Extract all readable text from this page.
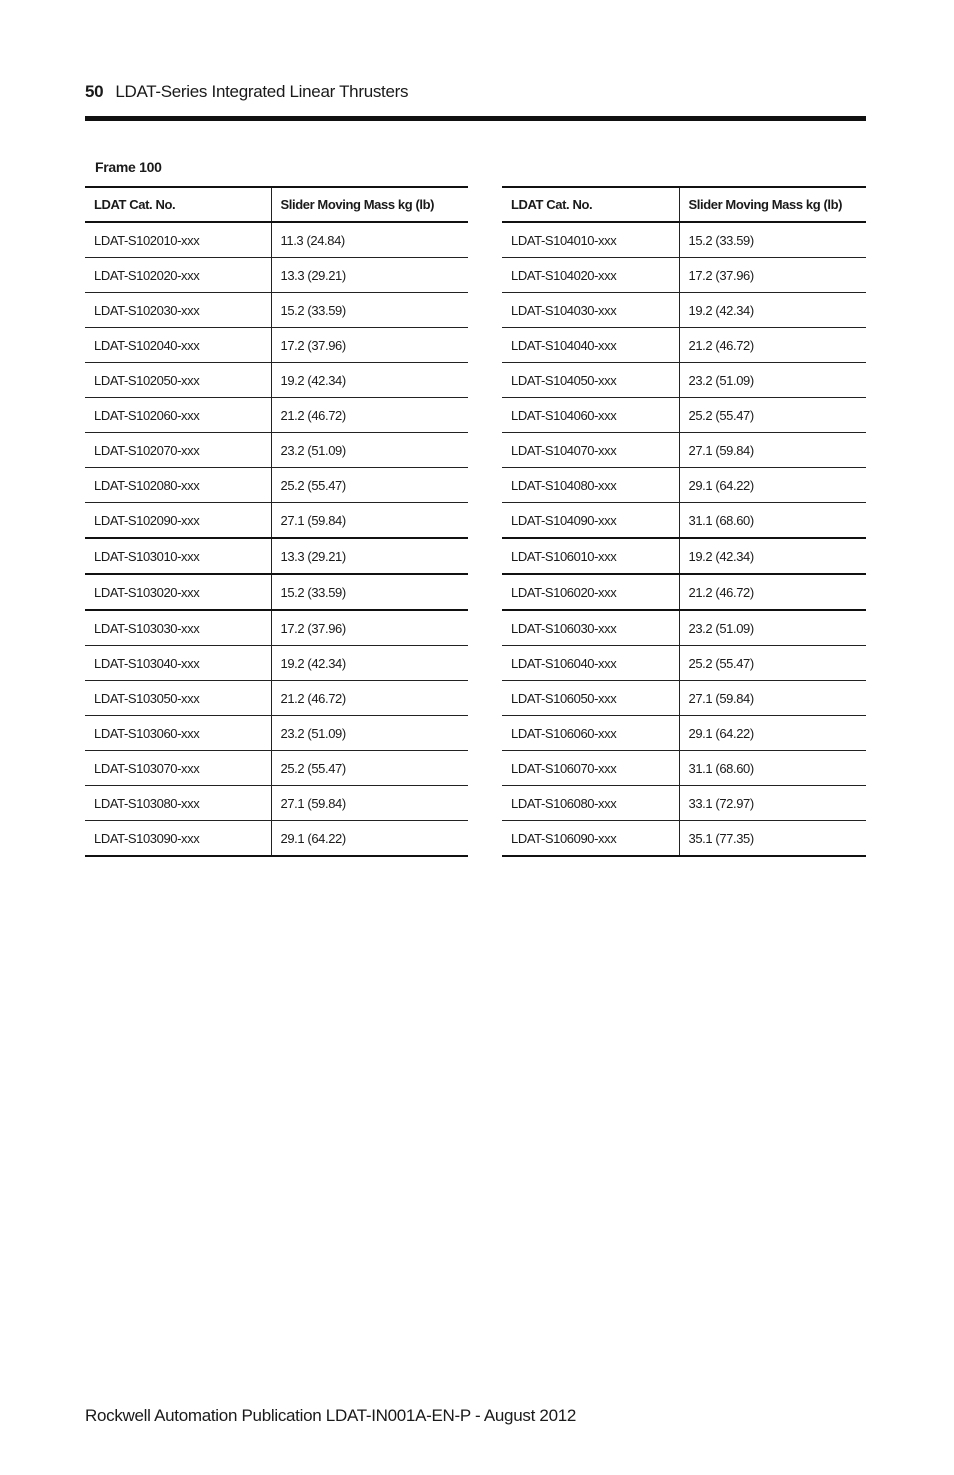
50 LDAT-Series Integrated Linear Thrusters
Frame 100
LDAT Cat. No.	Slider Moving Mass kg (lb)
LDAT-S102010-xxx	11.3 (24.84)
LDAT-S102020-xxx	13.3 (29.21)
LDAT-S102030-xxx	15.2 (33.59)
LDAT-S102040-xxx	17.2 (37.96)
LDAT-S102050-xxx	19.2 (42.34)
LDAT-S102060-xxx	21.2 (46.72)
LDAT-S102070-xxx	23.2 (51.09)
LDAT-S102080-xxx	25.2 (55.47)
LDAT-S102090-xxx	27.1 (59.84)
LDAT-S103010-xxx	13.3 (29.21)
LDAT-S103020-xxx	15.2 (33.59)
LDAT-S103030-xxx	17.2 (37.96)
LDAT-S103040-xxx	19.2 (42.34)
LDAT-S103050-xxx	21.2 (46.72)
LDAT-S103060-xxx	23.2 (51.09)
LDAT-S103070-xxx	25.2 (55.47)
LDAT-S103080-xxx	27.1 (59.84)
LDAT-S103090-xxx	29.1 (64.22)
LDAT Cat. No.	Slider Moving Mass kg (lb)
LDAT-S104010-xxx	15.2 (33.59)
LDAT-S104020-xxx	17.2 (37.96)
LDAT-S104030-xxx	19.2 (42.34)
LDAT-S104040-xxx	21.2 (46.72)
LDAT-S104050-xxx	23.2 (51.09)
LDAT-S104060-xxx	25.2 (55.47)
LDAT-S104070-xxx	27.1 (59.84)
LDAT-S104080-xxx	29.1 (64.22)
LDAT-S104090-xxx	31.1 (68.60)
LDAT-S106010-xxx	19.2 (42.34)
LDAT-S106020-xxx	21.2 (46.72)
LDAT-S106030-xxx	23.2 (51.09)
LDAT-S106040-xxx	25.2 (55.47)
LDAT-S106050-xxx	27.1 (59.84)
LDAT-S106060-xxx	29.1 (64.22)
LDAT-S106070-xxx	31.1 (68.60)
LDAT-S106080-xxx	33.1 (72.97)
LDAT-S106090-xxx	35.1 (77.35)
Rockwell Automation Publication LDAT-IN001A-EN-P - August 2012
